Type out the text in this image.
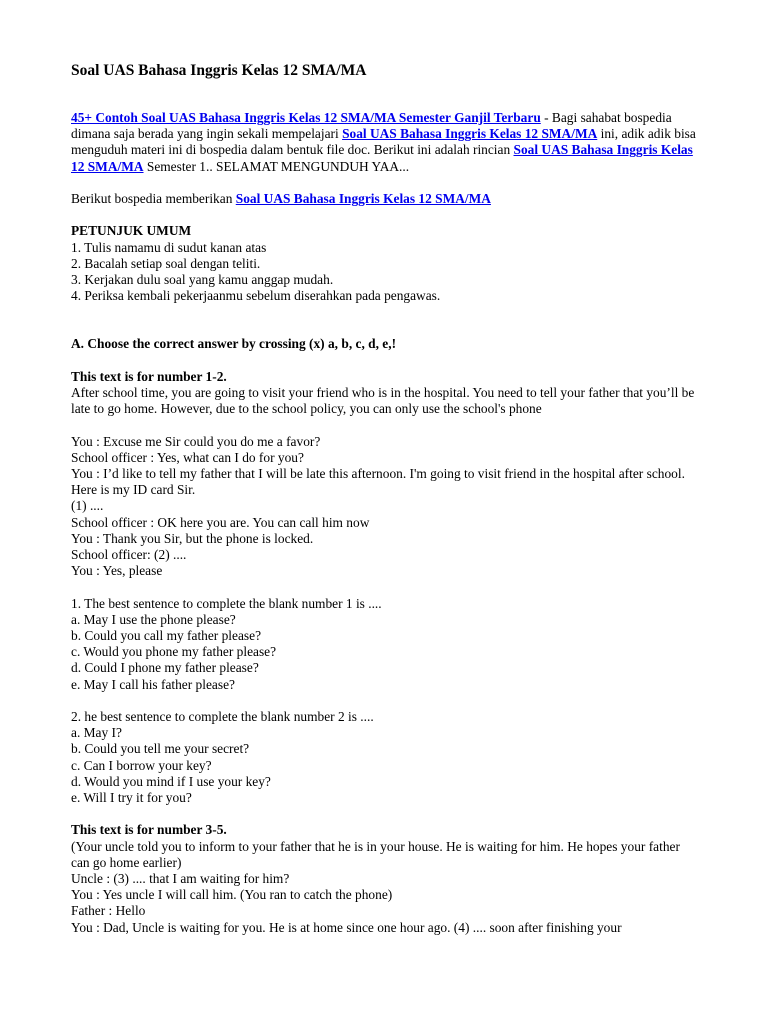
Soal UAS Bahasa Inggris Kelas 12 SMA/MA

45+ Contoh Soal UAS Bahasa Inggris Kelas 12 SMA/MA Semester Ganjil Terbaru - Bagi sahabat bospedia dimana saja berada yang ingin sekali mempelajari Soal UAS Bahasa Inggris Kelas 12 SMA/MA ini, adik adik bisa menguduh materi ini di bospedia dalam bentuk file doc. Berikut ini adalah rincian Soal UAS Bahasa Inggris Kelas 12 SMA/MA Semester 1.. SELAMAT MENGUNDUH YAA...

Berikut bospedia memberikan Soal UAS Bahasa Inggris Kelas 12 SMA/MA

PETUNJUK UMUM

1. Tulis namamu di sudut kanan atas

2. Bacalah setiap soal dengan teliti.

3. Kerjakan dulu soal yang kamu anggap mudah.

4. Periksa kembali pekerjaanmu sebelum diserahkan pada pengawas.

A. Choose the correct answer by crossing (x) a, b, c, d, e,!

This text is for number 1-2.

After school time, you are going to visit your friend who is in the hospital. You need to tell your father that you’ll be late to go home. However, due to the school policy, you can only use the school's phone

You : Excuse me Sir could you do me a favor?

School officer : Yes, what can I do for you?

You : I’d like to tell my father that I will be late this afternoon. I'm going to visit friend in the hospital after school. Here is my ID card Sir.

(1) ....

School officer : OK here you are. You can call him now

You : Thank you Sir, but the phone is locked.

School officer: (2) ....

You : Yes, please

1. The best sentence to complete the blank number 1 is ....

a. May I use the phone please?

b. Could you call my father please?

c. Would you phone my father please?

d. Could I phone my father please?

e. May I call his father please?

2. he best sentence to complete the blank number 2 is ....

a. May I?

b. Could you tell me your secret?

c. Can I borrow your key?

d. Would you mind if I use your key?

e. Will I try it for you?

This text is for number 3-5.

(Your uncle told you to inform to your father that he is in your house. He is waiting for him. He hopes your father can go home earlier)

Uncle : (3) .... that I am waiting for him?

You : Yes uncle I will call him. (You ran to catch the phone)

Father : Hello

You : Dad, Uncle is waiting for you. He is at home since one hour ago. (4) .... soon after finishing your
